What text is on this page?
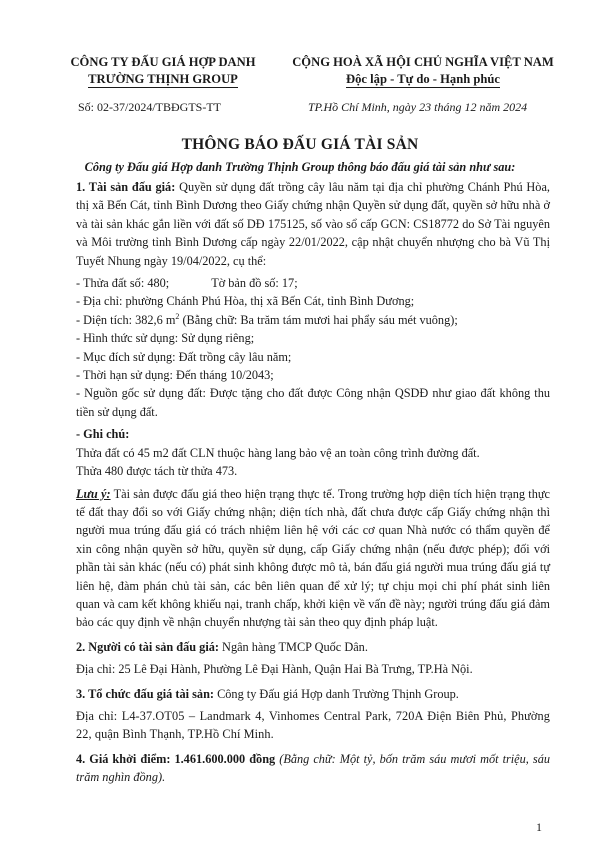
CÔNG TY ĐẤU GIÁ HỢP DANH
TRƯỜNG THỊNH GROUP
CỘNG HOÀ XÃ HỘI CHỦ NGHĨA VIỆT NAM
Độc lập - Tự do - Hạnh phúc
Số: 02-37/2024/TBĐGTS-TT	TP.Hồ Chí Minh, ngày 23 tháng 12 năm 2024
THÔNG BÁO ĐẤU GIÁ TÀI SẢN
Công ty Đấu giá Hợp danh Trường Thịnh Group thông báo đấu giá tài sản như sau:

1. Tài sản đấu giá: Quyền sử dụng đất trồng cây lâu năm tại địa chỉ phường Chánh Phú Hòa, thị xã Bến Cát, tỉnh Bình Dương theo Giấy chứng nhận Quyền sử dụng đất, quyền sở hữu nhà ở và tài sản khác gắn liền với đất số DĐ 175125, số vào sổ cấp GCN: CS18772 do Sở Tài nguyên và Môi trường tỉnh Bình Dương cấp ngày 22/01/2022, cập nhật chuyển nhượng cho bà Vũ Thị Tuyết Nhung ngày 19/04/2022, cụ thể:

- Thửa đất số: 480;	Tờ bản đồ số: 17;

- Địa chỉ: phường Chánh Phú Hòa, thị xã Bến Cát, tỉnh Bình Dương;

- Diện tích: 382,6 $m^2$ (Bằng chữ: Ba trăm tám mươi hai phẩy sáu mét vuông);

- Hình thức sử dụng: Sử dụng riêng;

- Mục đích sử dụng: Đất trồng cây lâu năm;

- Thời hạn sử dụng: Đến tháng 10/2043;

- Nguồn gốc sử dụng đất: Được tặng cho đất được Công nhận QSDĐ như giao đất không thu tiền sử dụng đất.

- Ghi chú:

Thửa đất có 45 m2 đất CLN thuộc hàng lang bảo vệ an toàn công trình đường đất.

Thửa 480 được tách từ thửa 473.

Lưu ý: Tài sản được đấu giá theo hiện trạng thực tế. Trong trường hợp diện tích hiện trạng thực tế đất thay đổi so với Giấy chứng nhận; diện tích nhà, đất chưa được cấp Giấy chứng nhận thì người mua trúng đấu giá có trách nhiệm liên hệ với các cơ quan Nhà nước có thẩm quyền để xin công nhận quyền sở hữu, quyền sử dụng, cấp Giấy chứng nhận (nếu được phép); đối với phần tài sản khác (nếu có) phát sinh không được mô tả, bán đấu giá người mua trúng đấu giá tự liên hệ, đàm phán chủ tài sản, các bên liên quan để xử lý; tự chịu mọi chi phí phát sinh liên quan và cam kết không khiếu nại, tranh chấp, khởi kiện về vấn đề này; người trúng đấu giá đảm bảo các quy định về nhận chuyển nhượng tài sản theo quy định pháp luật.

2. Người có tài sản đấu giá: Ngân hàng TMCP Quốc Dân.

Địa chỉ: 25 Lê Đại Hành, Phường Lê Đại Hành, Quận Hai Bà Trưng, TP.Hà Nội.

3. Tổ chức đấu giá tài sản: Công ty Đấu giá Hợp danh Trường Thịnh Group.

Địa chỉ: L4-37.OT05 – Landmark 4, Vinhomes Central Park, 720A Điện Biên Phủ, Phường 22, quận Bình Thạnh, TP.Hồ Chí Minh.

4. Giá khởi điểm: 1.461.600.000 đồng (Bằng chữ: Một tỷ, bốn trăm sáu mươi mốt triệu, sáu trăm nghìn đồng).

1
